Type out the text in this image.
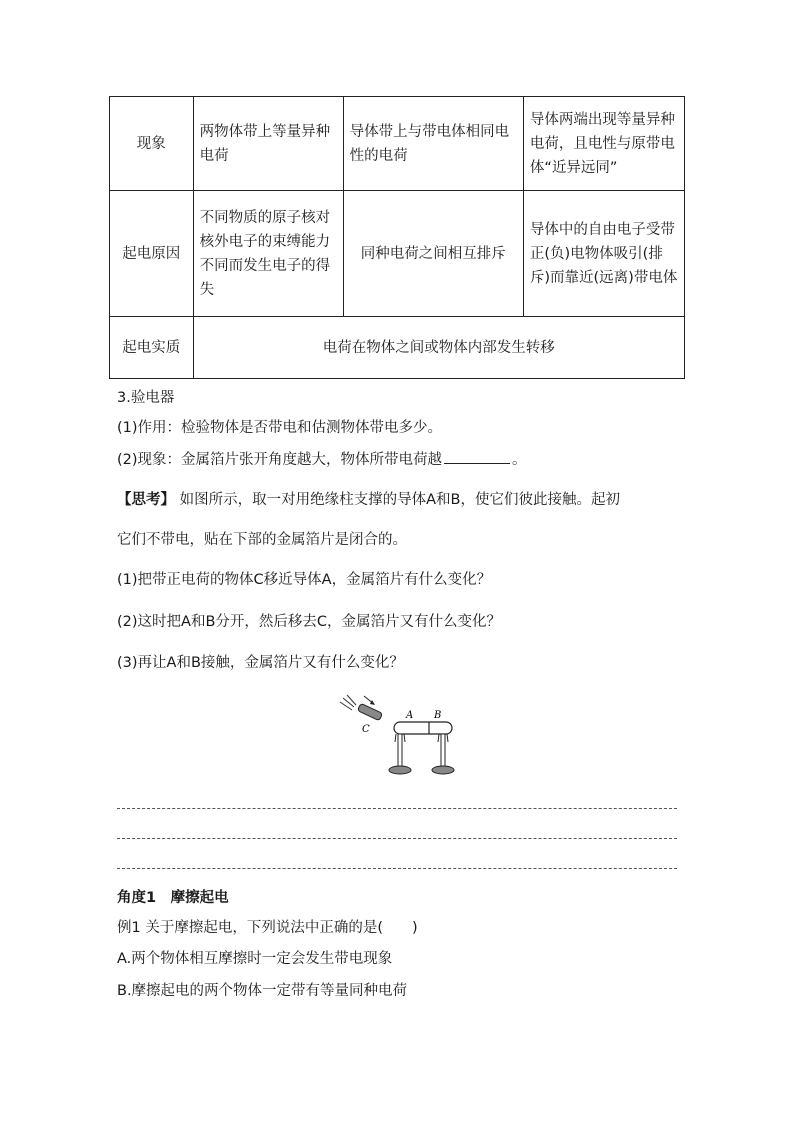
现象	两物体带上等量异种电荷	导体带上与带电体相同电性的电荷	导体两端出现等量异种电荷，且电性与原带电体“近异远同”
起电原因	不同物质的原子核对核外电子的束缚能力不同而发生电子的得失	同种电荷之间相互排斥	导体中的自由电子受带正(负)电物体吸引(排斥)而靠近(远离)带电体
起电实质	电荷在物体之间或物体内部发生转移		
3.验电器
(1)作用：检验物体是否带电和估测物体带电多少。
(2)现象：金属箔片张开角度越大，物体所带电荷越	。
【思考】 如图所示，取一对用绝缘柱支撑的导体A和B，使它们彼此接触。起初
它们不带电，贴在下部的金属箔片是闭合的。
(1)把带正电荷的物体C移近导体A，金属箔片有什么变化？
(2)这时把A和B分开，然后移去C，金属箔片又有什么变化？
(3)再让A和B接触，金属箔片又有什么变化？
C
A B
角度1　摩擦起电
例1 关于摩擦起电，下列说法中正确的是(　　)
A.两个物体相互摩擦时一定会发生带电现象
B.摩擦起电的两个物体一定带有等量同种电荷
